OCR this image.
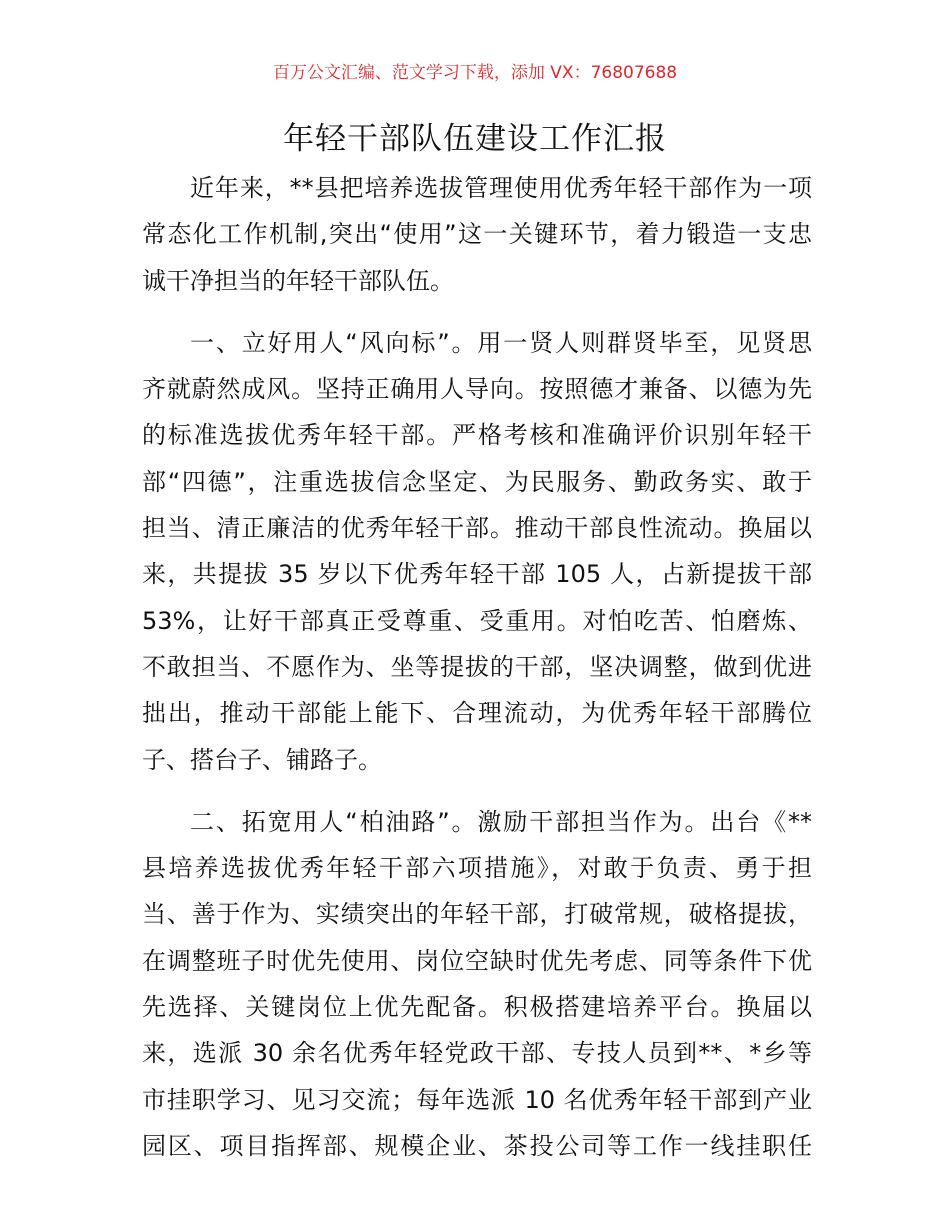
百万公文汇编、范文学习下载，添加 VX：76807688
年轻干部队伍建设工作汇报
近年来，**县把培养选拔管理使用优秀年轻干部作为一项
常态化工作机制,突出“使用”这一关键环节，着力锻造一支忠
诚干净担当的年轻干部队伍。
一、立好用人“风向标”。用一贤人则群贤毕至，见贤思
齐就蔚然成风。坚持正确用人导向。按照德才兼备、以德为先
的标准选拔优秀年轻干部。严格考核和准确评价识别年轻干
部“四德”，注重选拔信念坚定、为民服务、勤政务实、敢于
担当、清正廉洁的优秀年轻干部。推动干部良性流动。换届以
来，共提拔 35 岁以下优秀年轻干部 105 人，占新提拔干部
53%，让好干部真正受尊重、受重用。对怕吃苦、怕磨炼、
不敢担当、不愿作为、坐等提拔的干部，坚决调整，做到优进
拙出，推动干部能上能下、合理流动，为优秀年轻干部腾位
子、搭台子、铺路子。
二、拓宽用人“柏油路”。激励干部担当作为。出台《**
县培养选拔优秀年轻干部六项措施》，对敢于负责、勇于担
当、善于作为、实绩突出的年轻干部，打破常规，破格提拔，
在调整班子时优先使用、岗位空缺时优先考虑、同等条件下优
先选择、关键岗位上优先配备。积极搭建培养平台。换届以
来，选派 30 余名优秀年轻党政干部、专技人员到**、*乡等
市挂职学习、见习交流；每年选派 10 名优秀年轻干部到产业
园区、项目指挥部、规模企业、茶投公司等工作一线挂职任
